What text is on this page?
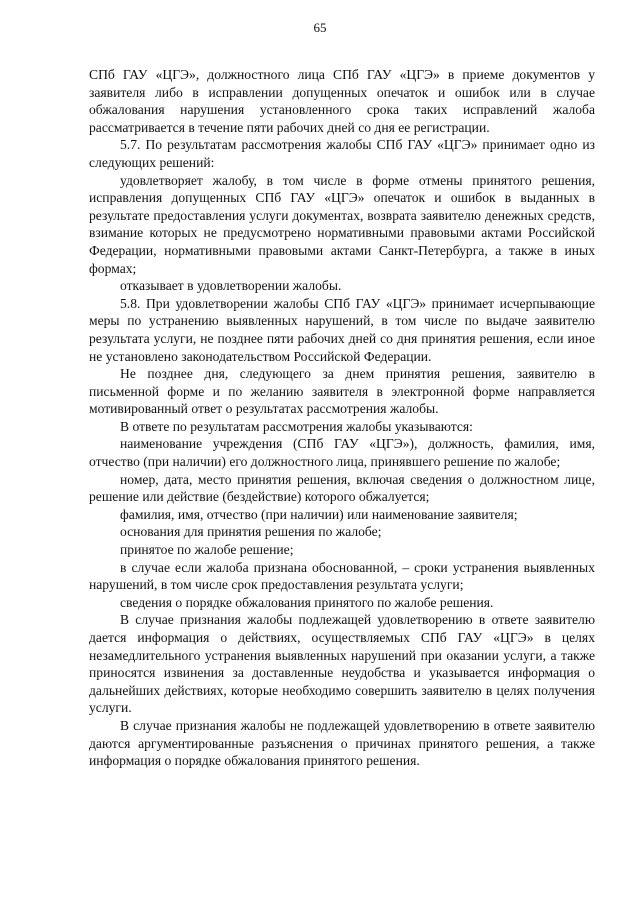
65

СПб ГАУ «ЦГЭ», должностного лица СПб ГАУ «ЦГЭ» в приеме документов у заявителя либо в исправлении допущенных опечаток и ошибок или в случае обжалования нарушения установленного срока таких исправлений жалоба рассматривается в течение пяти рабочих дней со дня ее регистрации.

5.7. По результатам рассмотрения жалобы СПб ГАУ «ЦГЭ» принимает одно из следующих решений:

удовлетворяет жалобу, в том числе в форме отмены принятого решения, исправления допущенных СПб ГАУ «ЦГЭ» опечаток и ошибок в выданных в результате предоставления услуги документах, возврата заявителю денежных средств, взимание которых не предусмотрено нормативными правовыми актами Российской Федерации, нормативными правовыми актами Санкт-Петербурга, а также в иных формах;

отказывает в удовлетворении жалобы.

5.8. При удовлетворении жалобы СПб ГАУ «ЦГЭ» принимает исчерпывающие меры по устранению выявленных нарушений, в том числе по выдаче заявителю результата услуги, не позднее пяти рабочих дней со дня принятия решения, если иное не установлено законодательством Российской Федерации.

Не позднее дня, следующего за днем принятия решения, заявителю в письменной форме и по желанию заявителя в электронной форме направляется мотивированный ответ о результатах рассмотрения жалобы.

В ответе по результатам рассмотрения жалобы указываются:

наименование учреждения (СПб ГАУ «ЦГЭ»), должность, фамилия, имя, отчество (при наличии) его должностного лица, принявшего решение по жалобе;

номер, дата, место принятия решения, включая сведения о должностном лице, решение или действие (бездействие) которого обжалуется;

фамилия, имя, отчество (при наличии) или наименование заявителя;

основания для принятия решения по жалобе;

принятое по жалобе решение;

в случае если жалоба признана обоснованной, – сроки устранения выявленных нарушений, в том числе срок предоставления результата услуги;

сведения о порядке обжалования принятого по жалобе решения.

В случае признания жалобы подлежащей удовлетворению в ответе заявителю дается информация о действиях, осуществляемых СПб ГАУ «ЦГЭ» в целях незамедлительного устранения выявленных нарушений при оказании услуги, а также приносятся извинения за доставленные неудобства и указывается информация о дальнейших действиях, которые необходимо совершить заявителю в целях получения услуги.

В случае признания жалобы не подлежащей удовлетворению в ответе заявителю даются аргументированные разъяснения о причинах принятого решения, а также информация о порядке обжалования принятого решения.
